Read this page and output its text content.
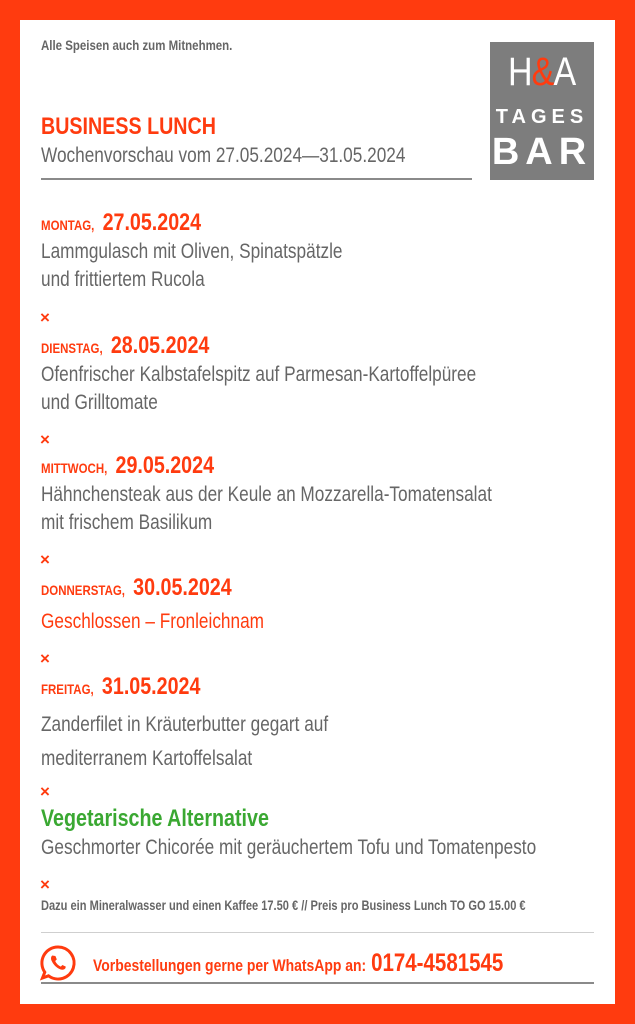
Alle Speisen auch zum Mitnehmen.
H&A
TAGES
BAR
BUSINESS LUNCH
Wochenvorschau vom 27.05.2024—31.05.2024
MONTAG, 27.05.2024
Lammgulasch mit Oliven, Spinatspätzle
und frittiertem Rucola
×
DIENSTAG, 28.05.2024
Ofenfrischer Kalbstafelspitz auf Parmesan-Kartoffelpüree
und Grilltomate
×
MITTWOCH, 29.05.2024
Hähnchensteak aus der Keule an Mozzarella-Tomatensalat
mit frischem Basilikum
×
DONNERSTAG, 30.05.2024
Geschlossen – Fronleichnam
×
FREITAG, 31.05.2024
Zanderfilet in Kräuterbutter gegart auf
mediterranem Kartoffelsalat
×
Vegetarische Alternative
Geschmorter Chicorée mit geräuchertem Tofu und Tomatenpesto
×
Dazu ein Mineralwasser und einen Kaffee 17.50 € // Preis pro Business Lunch TO GO 15.00 €
Vorbestellungen gerne per WhatsApp an: 0174-4581545
